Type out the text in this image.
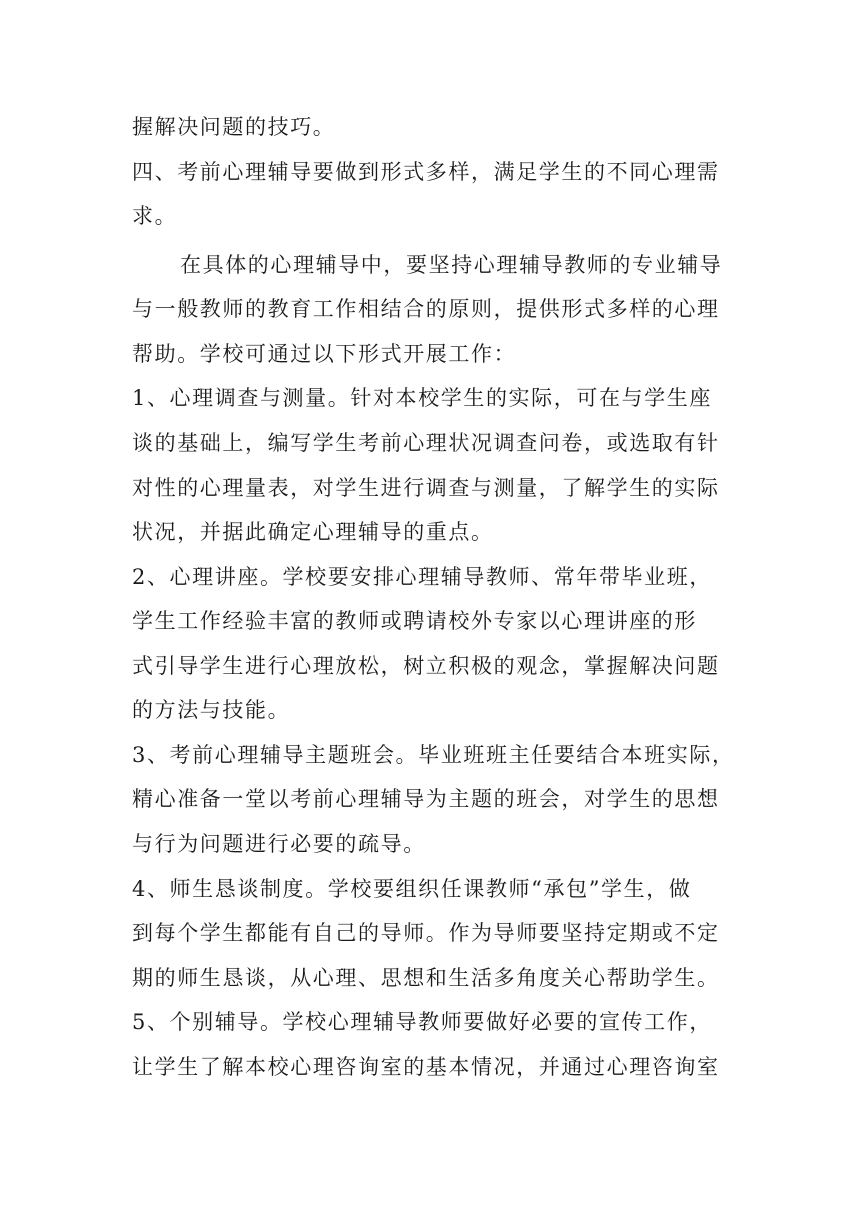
握解决问题的技巧。
四、考前心理辅导要做到形式多样，满足学生的不同心理需
求。
在具体的心理辅导中，要坚持心理辅导教师的专业辅导
与一般教师的教育工作相结合的原则，提供形式多样的心理
帮助。学校可通过以下形式开展工作：
1、心理调查与测量。针对本校学生的实际，可在与学生座
谈的基础上，编写学生考前心理状况调查问卷，或选取有针
对性的心理量表，对学生进行调查与测量，了解学生的实际
状况，并据此确定心理辅导的重点。
2、心理讲座。学校要安排心理辅导教师、常年带毕业班，
学生工作经验丰富的教师或聘请校外专家以心理讲座的形
式引导学生进行心理放松，树立积极的观念，掌握解决问题
的方法与技能。
3、考前心理辅导主题班会。毕业班班主任要结合本班实际，
精心准备一堂以考前心理辅导为主题的班会，对学生的思想
与行为问题进行必要的疏导。
4、师生恳谈制度。学校要组织任课教师“承包”学生，做
到每个学生都能有自己的导师。作为导师要坚持定期或不定
期的师生恳谈，从心理、思想和生活多角度关心帮助学生。
5、个别辅导。学校心理辅导教师要做好必要的宣传工作，
让学生了解本校心理咨询室的基本情况，并通过心理咨询室
